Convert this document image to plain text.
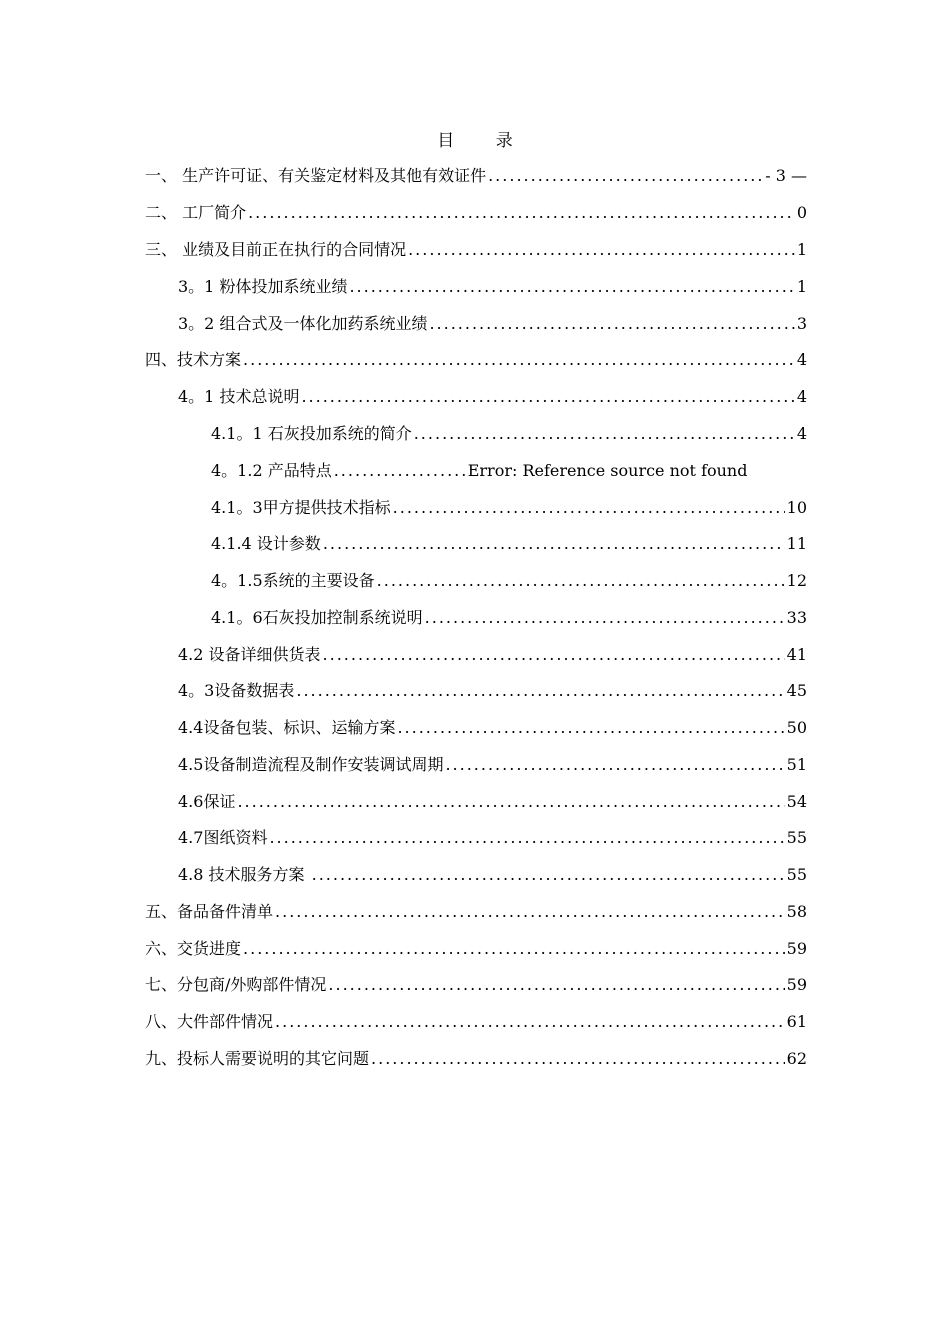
目 录
一、 生产许可证、有关鉴定材料及其他有效证件 .....	- 3 —
二、 工厂简介 .....	0
三、 业绩及目前正在执行的合同情况 .....	1
3。1 粉体投加系统业绩 .....	1
3。2 组合式及一体化加药系统业绩 .....	3
四、技术方案 .....	4
4。1 技术总说明 .....	4
4.1。1 石灰投加系统的简介 .....	4
4。1.2 产品特点 .....	Error: Reference source not found
4.1。3甲方提供技术指标 .....	10
4.1.4 设计参数 .....	11
4。1.5系统的主要设备 .....	12
4.1。6石灰投加控制系统说明 .....	33
4.2 设备详细供货表 .....	41
4。3设备数据表 .....	45
4.4设备包装、标识、运输方案 .....	50
4.5设备制造流程及制作安装调试周期 .....	51
4.6保证 .....	54
4.7图纸资料 .....	55
4.8 技术服务方案 .....	55
五、备品备件清单 .....	58
六、交货进度 .....	59
七、分包商/外购部件情况 .....	59
八、大件部件情况 .....	61
九、投标人需要说明的其它问题 .....	62
